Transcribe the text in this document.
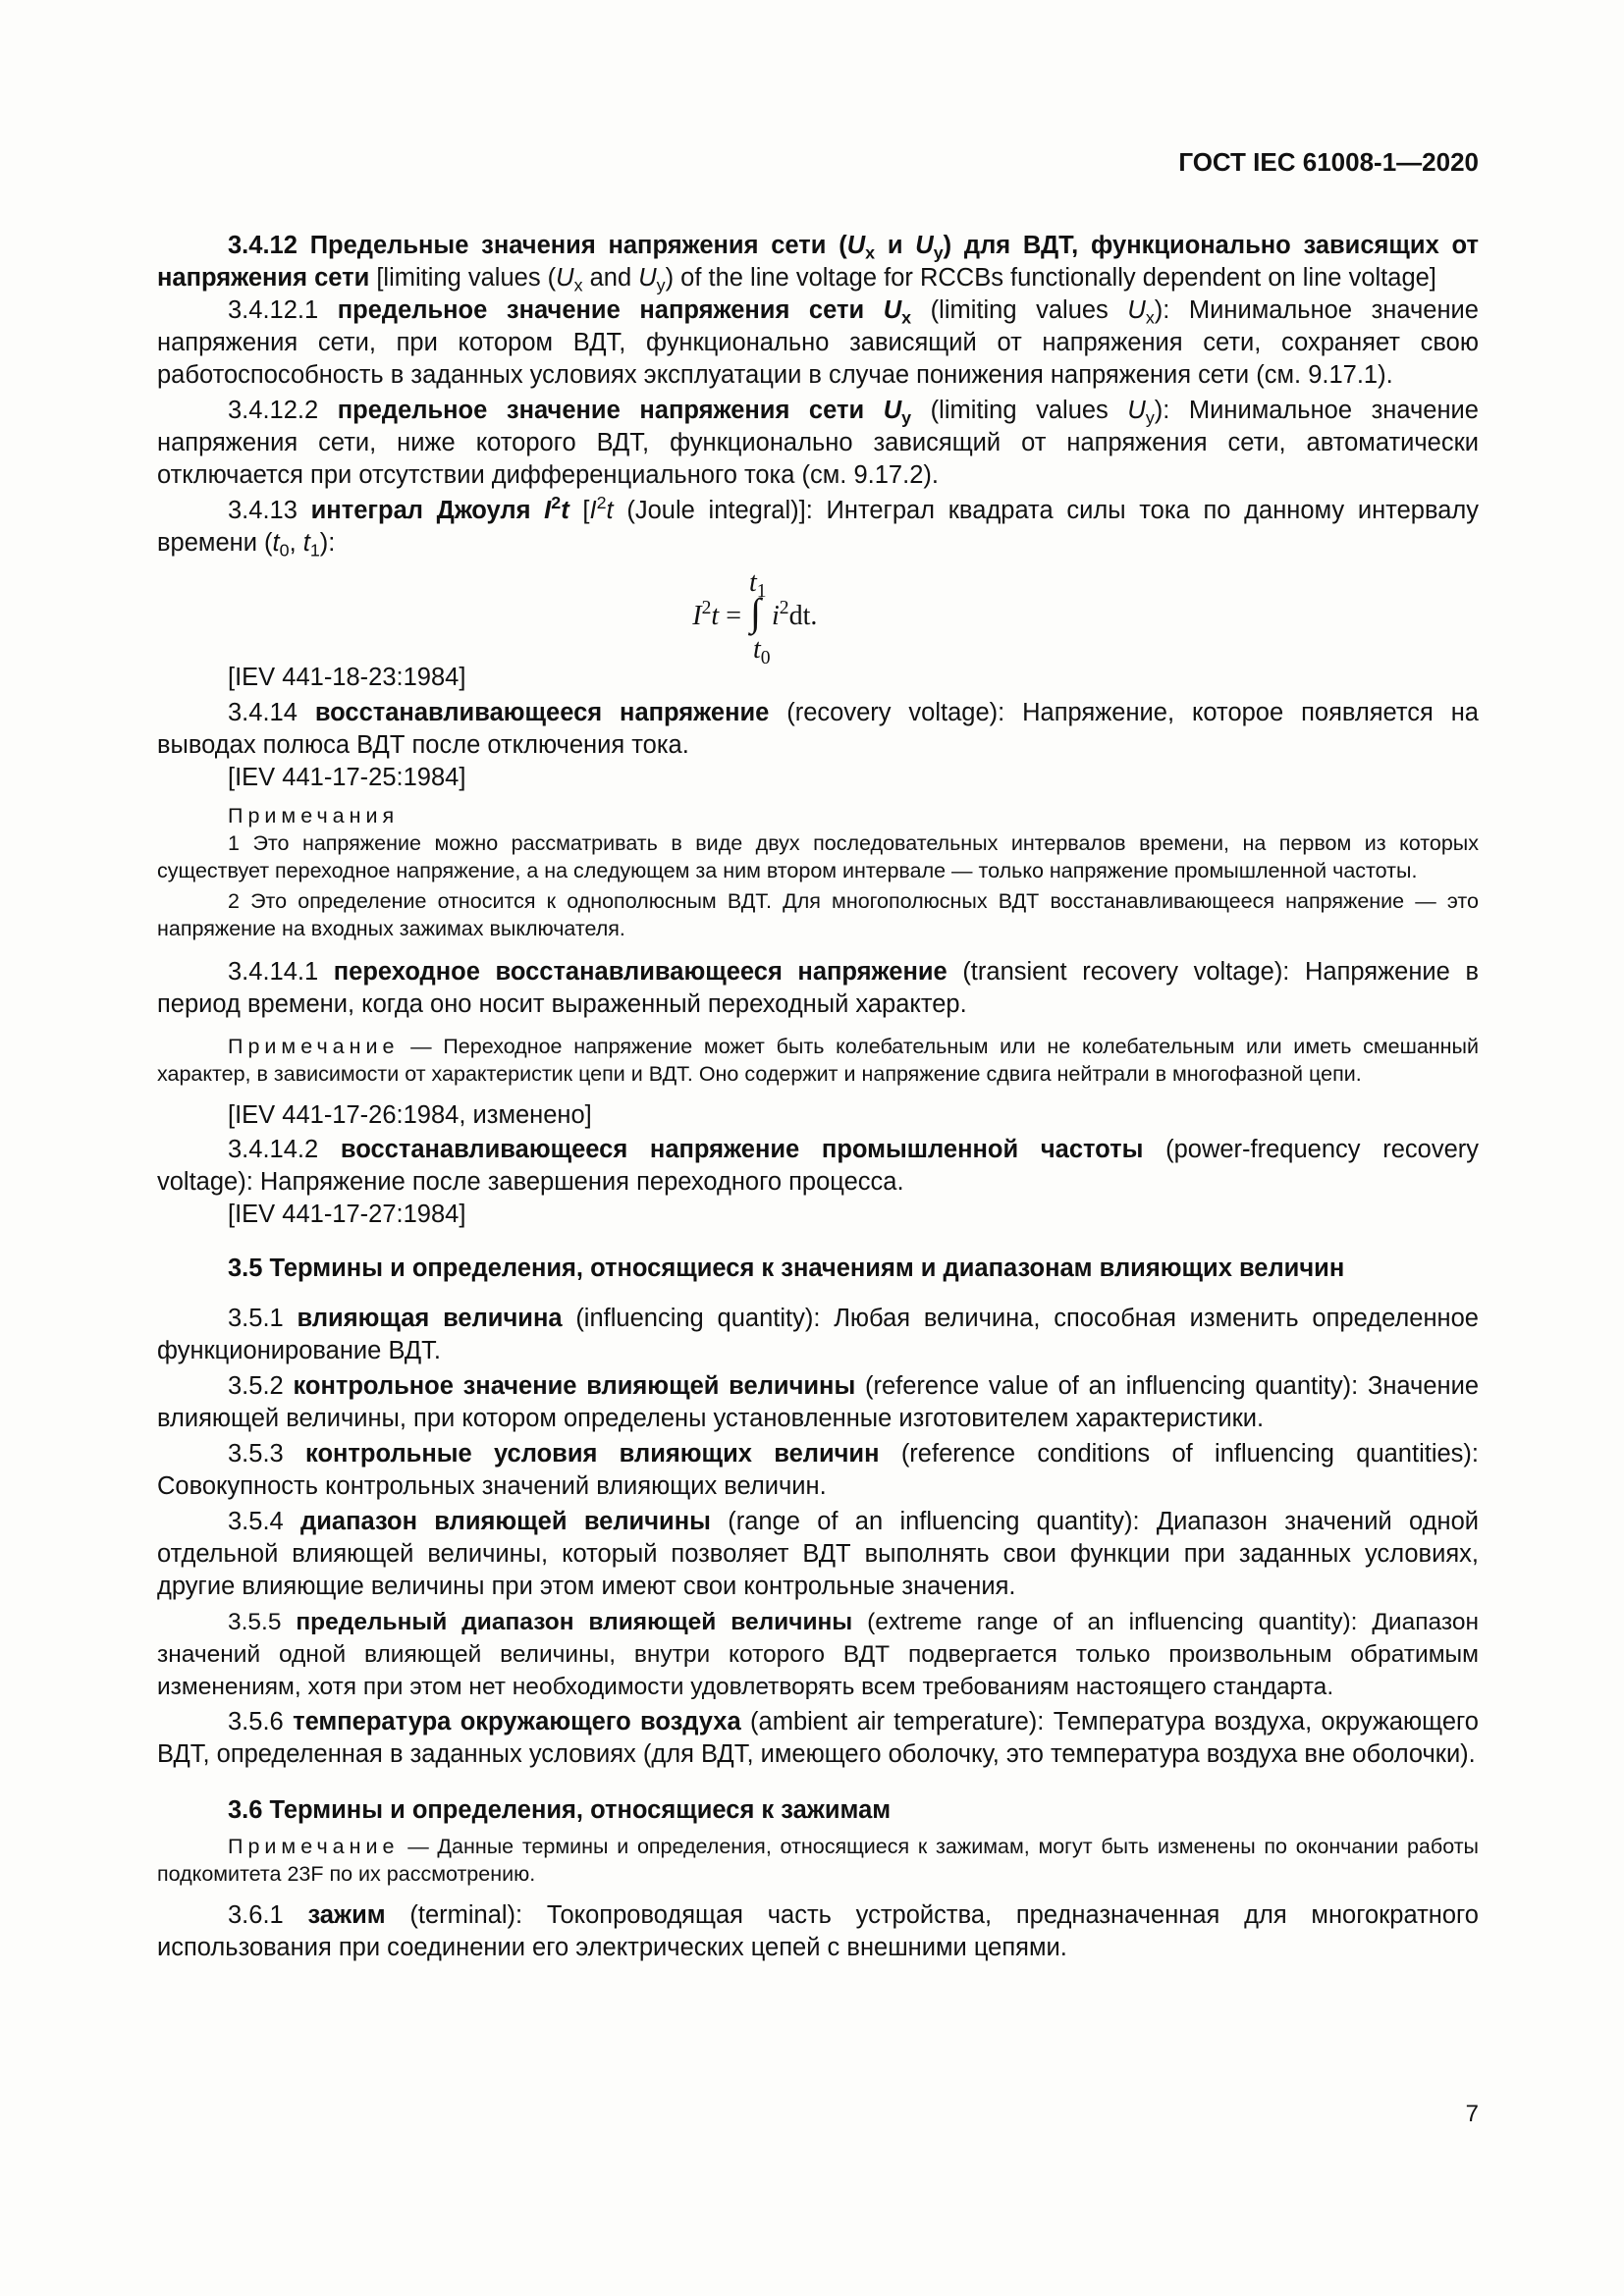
ГОСТ IEC 61008-1—2020

3.4.12 Предельные значения напряжения сети ($U_x$ и $U_y$) для ВДТ, функционально зависящих от напряжения сети [limiting values ($U_x$ and $U_y$) of the line voltage for RCCBs functionally dependent on line voltage]

3.4.12.1 предельное значение напряжения сети $U_x$ (limiting values $U_x$): Минимальное значение напряжения сети, при котором ВДТ, функционально зависящий от напряжения сети, сохраняет свою работоспособность в заданных условиях эксплуатации в случае понижения напряжения сети (см. 9.17.1).

3.4.12.2 предельное значение напряжения сети $U_y$ (limiting values $U_y$): Минимальное значение напряжения сети, ниже которого ВДТ, функционально зависящий от напряжения сети, автоматически отключается при отсутствии дифференциального тока (см. 9.17.2).

3.4.13 интеграл Джоуля $I^2t$ [$I^2t$ (Joule integral)]: Интеграл квадрата силы тока по данному интервалу времени ($t_0$, $t_1$):

$t_1$
$t_0$
∫
$I^2t$ =	$i^2dt$.

[IEV 441-18-23:1984]

3.4.14 восстанавливающееся напряжение (recovery voltage): Напряжение, которое появляется на выводах полюса ВДТ после отключения тока.

[IEV 441-17-25:1984]

Примечания

1 Это напряжение можно рассматривать в виде двух последовательных интервалов времени, на первом из которых существует переходное напряжение, а на следующем за ним втором интервале — только напряжение промышленной частоты.

2 Это определение относится к однополюсным ВДТ. Для многополюсных ВДТ восстанавливающееся напряжение — это напряжение на входных зажимах выключателя.

3.4.14.1 переходное восстанавливающееся напряжение (transient recovery voltage): Напряжение в период времени, когда оно носит выраженный переходный характер.

Примечание — Переходное напряжение может быть колебательным или не колебательным или иметь смешанный характер, в зависимости от характеристик цепи и ВДТ. Оно содержит и напряжение сдвига нейтрали в многофазной цепи.

[IEV 441-17-26:1984, изменено]

3.4.14.2 восстанавливающееся напряжение промышленной частоты (power-frequency recovery voltage): Напряжение после завершения переходного процесса.

[IEV 441-17-27:1984]

3.5 Термины и определения, относящиеся к значениям и диапазонам влияющих величин

3.5.1 влияющая величина (influencing quantity): Любая величина, способная изменить определенное функционирование ВДТ.

3.5.2 контрольное значение влияющей величины (reference value of an influencing quantity): Значение влияющей величины, при котором определены установленные изготовителем характеристики.

3.5.3 контрольные условия влияющих величин (reference conditions of influencing quantities): Совокупность контрольных значений влияющих величин.

3.5.4 диапазон влияющей величины (range of an influencing quantity): Диапазон значений одной отдельной влияющей величины, который позволяет ВДТ выполнять свои функции при заданных условиях, другие влияющие величины при этом имеют свои контрольные значения.

3.5.5 предельный диапазон влияющей величины (extreme range of an influencing quantity): Диапазон значений одной влияющей величины, внутри которого ВДТ подвергается только произвольным обратимым изменениям, хотя при этом нет необходимости удовлетворять всем требованиям настоящего стандарта.

3.5.6 температура окружающего воздуха (ambient air temperature): Температура воздуха, окружающего ВДТ, определенная в заданных условиях (для ВДТ, имеющего оболочку, это температура воздуха вне оболочки).

3.6 Термины и определения, относящиеся к зажимам

Примечание — Данные термины и определения, относящиеся к зажимам, могут быть изменены по окончании работы подкомитета 23F по их рассмотрению.

3.6.1 зажим (terminal): Токопроводящая часть устройства, предназначенная для многократного использования при соединении его электрических цепей с внешними цепями.

7
